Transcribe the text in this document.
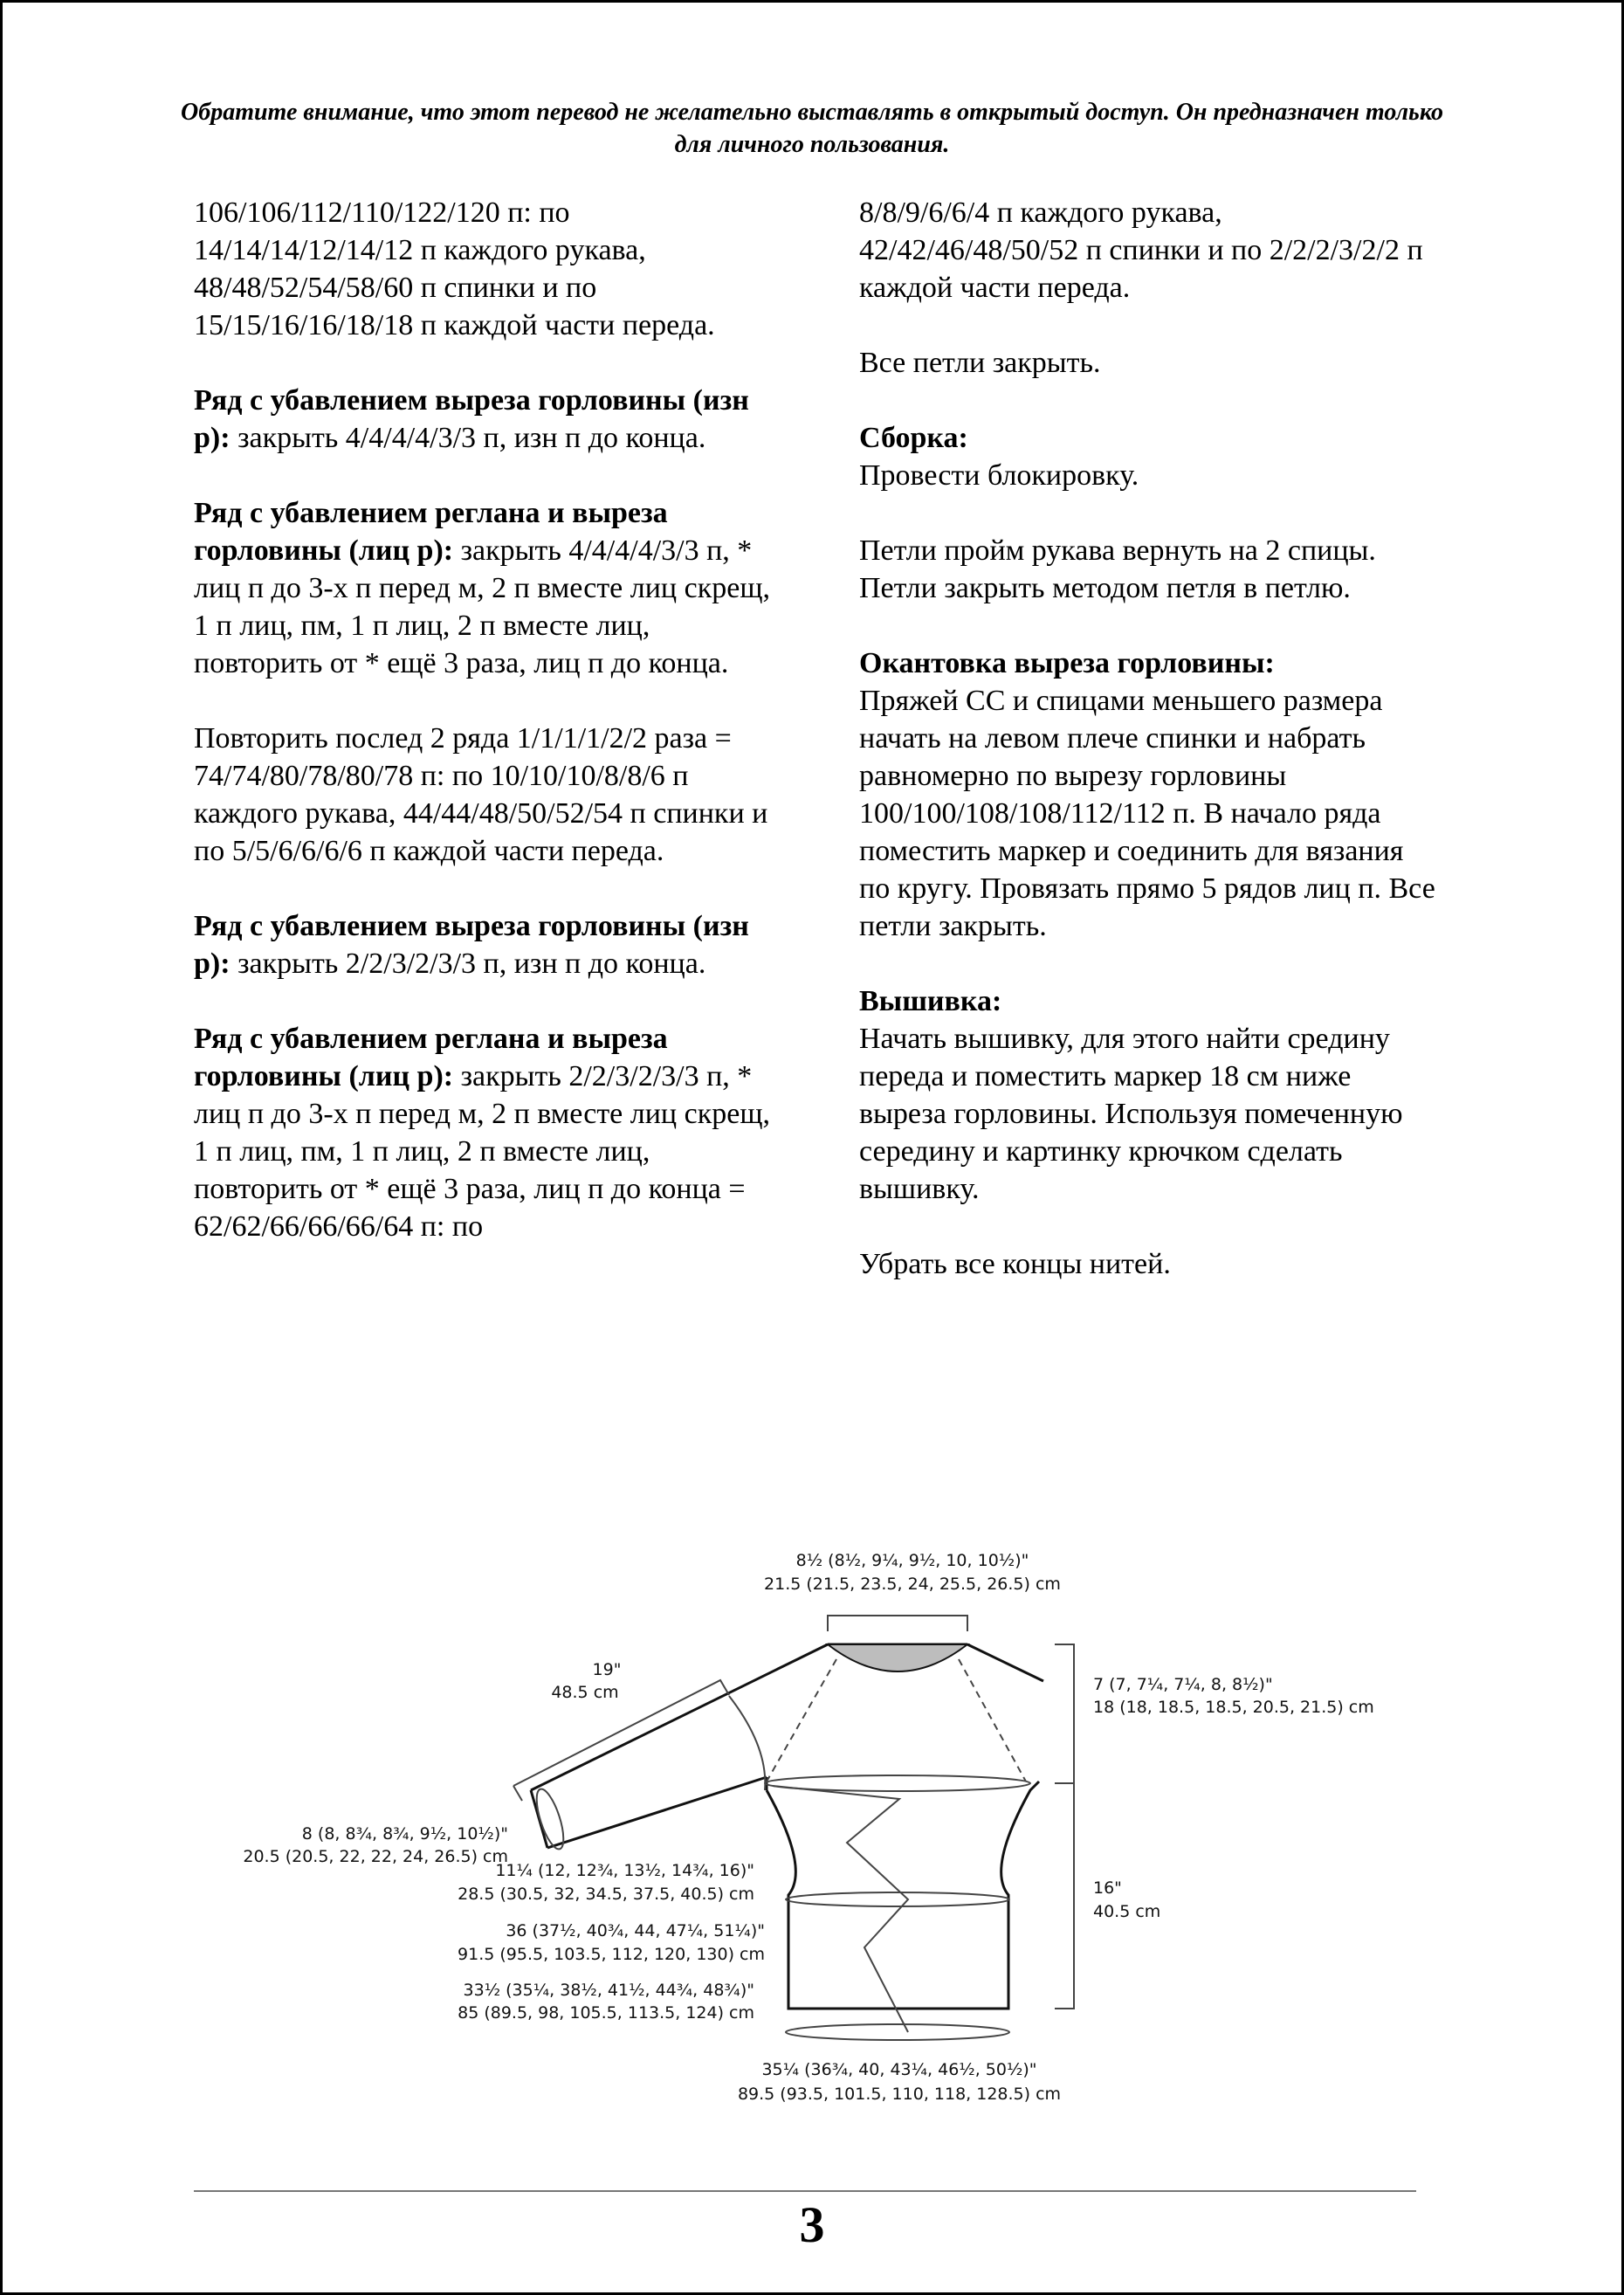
Обратите внимание, что этот перевод не желательно выставлять в открытый доступ. Он предназначен только для личного пользования.

106/106/112/110/122/120 п: по 14/14/14/12/14/12 п каждого рукава, 48/48/52/54/58/60 п спинки и по 15/15/16/16/18/18 п каждой части переда.

Ряд с убавлением выреза горловины (изн р): закрыть 4/4/4/4/3/3 п, изн п до конца.

Ряд с убавлением реглана и выреза горловины (лиц р): закрыть 4/4/4/4/3/3 п, * лиц п до 3-х п перед м, 2 п вместе лиц скрещ, 1 п лиц, пм, 1 п лиц, 2 п вместе лиц, повторить от * ещё 3 раза, лиц п до конца.

Повторить послед 2 ряда 1/1/1/1/2/2 раза = 74/74/80/78/80/78 п: по 10/10/10/8/8/6 п каждого рукава, 44/44/48/50/52/54 п спинки и по 5/5/6/6/6/6 п каждой части переда.

Ряд с убавлением выреза горловины (изн р): закрыть 2/2/3/2/3/3 п, изн п до конца.

Ряд с убавлением реглана и выреза горловины (лиц р): закрыть 2/2/3/2/3/3 п, * лиц п до 3-х п перед м, 2 п вместе лиц скрещ, 1 п лиц, пм, 1 п лиц, 2 п вместе лиц, повторить от * ещё 3 раза, лиц п до конца = 62/62/66/66/66/64 п: по

8/8/9/6/6/4 п каждого рукава, 42/42/46/48/50/52 п спинки и по 2/2/2/3/2/2 п каждой части переда.

Все петли закрыть.

Сборка:
Провести блокировку.

Петли пройм рукава вернуть на 2 спицы. Петли закрыть методом петля в петлю.

Окантовка выреза горловины:
Пряжей СС и спицами меньшего размера начать на левом плече спинки и набрать равномерно по вырезу горловины 100/100/108/108/112/112 п. В начало ряда поместить маркер и соединить для вязания по кругу. Провязать прямо 5 рядов лиц п. Все петли закрыть.

Вышивка:
Начать вышивку, для этого найти средину переда и поместить маркер 18 см ниже выреза горловины. Используя помеченную середину и картинку крючком сделать вышивку.

Убрать все концы нитей.

8½ (8½, 9¼, 9½, 10, 10½)"
21.5 (21.5, 23.5, 24, 25.5, 26.5) cm
19"
48.5 cm	7 (7, 7¼, 7¼, 8, 8½)"
18 (18, 18.5, 18.5, 20.5, 21.5) cm
8 (8, 8¾, 8¾, 9½, 10½)"
20.5 (20.5, 22, 22, 24, 26.5) cm
11¼ (12, 12¾, 13½, 14¾, 16)"
28.5 (30.5, 32, 34.5, 37.5, 40.5) cm	16"
40.5 cm
36 (37½, 40¾, 44, 47¼, 51¼)"
91.5 (95.5, 103.5, 112, 120, 130) cm
33½ (35¼, 38½, 41½, 44¾, 48¾)"
85 (89.5, 98, 105.5, 113.5, 124) cm
35¼ (36¾, 40, 43¼, 46½, 50½)"
89.5 (93.5, 101.5, 110, 118, 128.5) cm
3
